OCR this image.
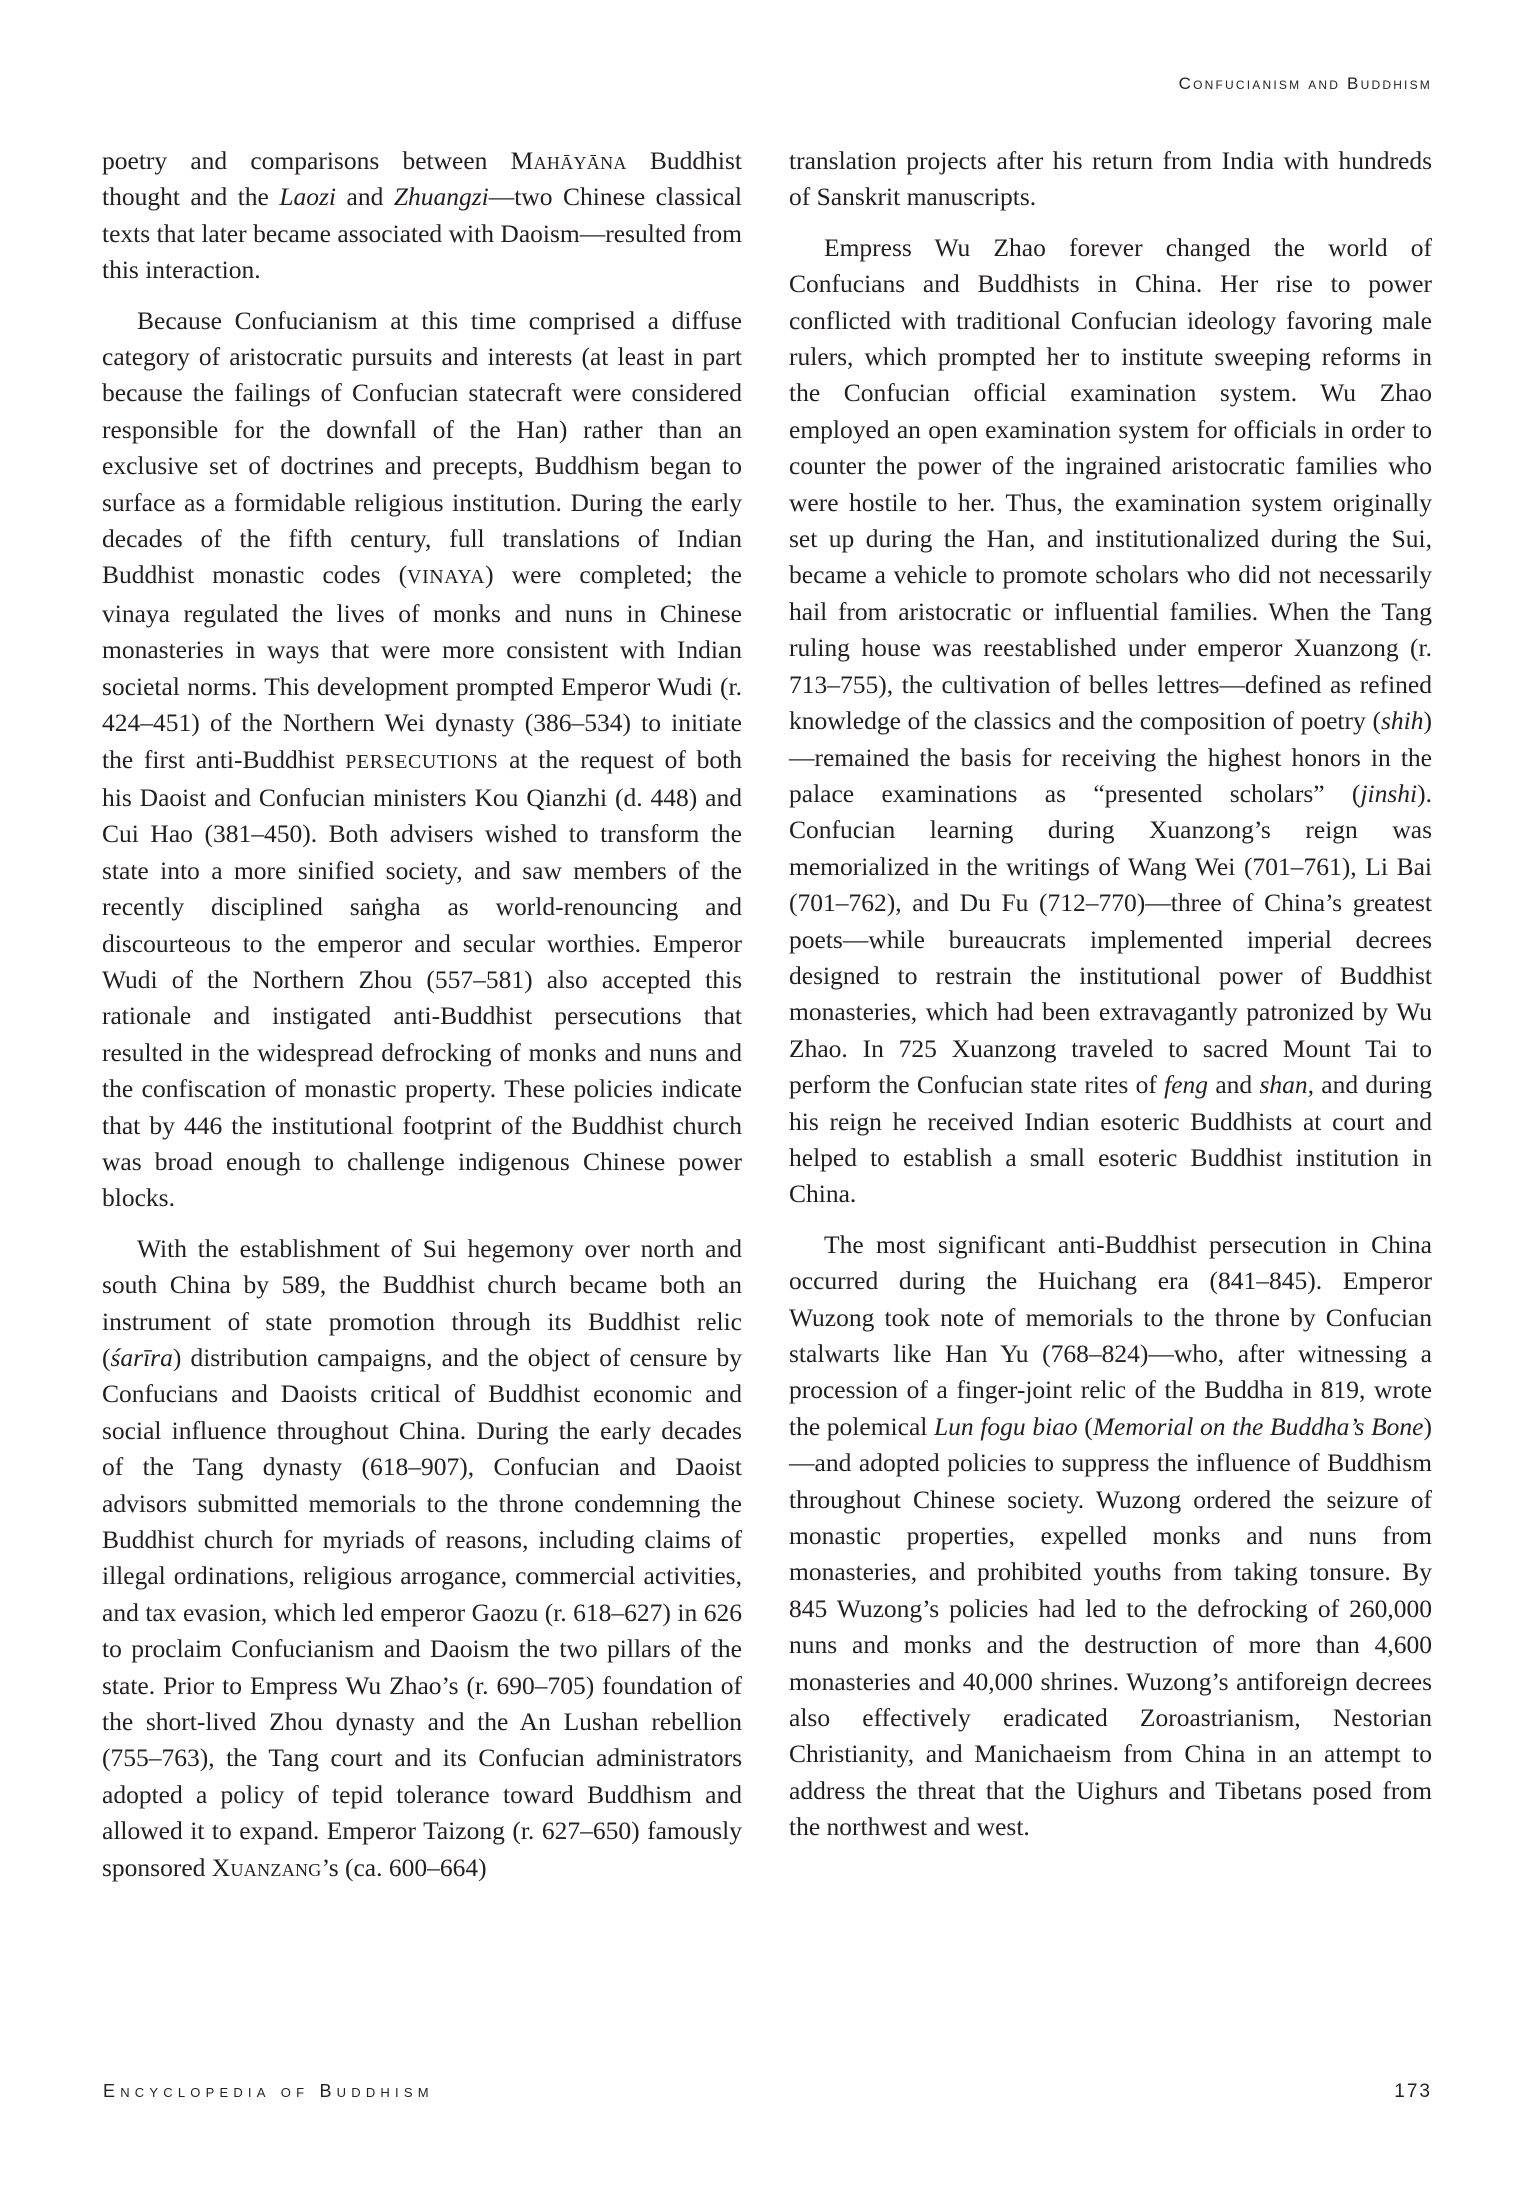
Confucianism and Buddhism

poetry and comparisons between Mahāyāna Buddhist thought and the Laozi and Zhuangzi—two Chinese classical texts that later became associated with Daoism—resulted from this interaction.

Because Confucianism at this time comprised a diffuse category of aristocratic pursuits and interests (at least in part because the failings of Confucian statecraft were considered responsible for the downfall of the Han) rather than an exclusive set of doctrines and precepts, Buddhism began to surface as a formidable religious institution. During the early decades of the fifth century, full translations of Indian Buddhist monastic codes (VINAYA) were completed; the vinaya regulated the lives of monks and nuns in Chinese monasteries in ways that were more consistent with Indian societal norms. This development prompted Emperor Wudi (r. 424–451) of the Northern Wei dynasty (386–534) to initiate the first anti-Buddhist PERSECUTIONS at the request of both his Daoist and Confucian ministers Kou Qianzhi (d. 448) and Cui Hao (381–450). Both advisers wished to transform the state into a more sinified society, and saw members of the recently disciplined saṅgha as world-renouncing and discourteous to the emperor and secular worthies. Emperor Wudi of the Northern Zhou (557–581) also accepted this rationale and instigated anti-Buddhist persecutions that resulted in the widespread defrocking of monks and nuns and the confiscation of monastic property. These policies indicate that by 446 the institutional footprint of the Buddhist church was broad enough to challenge indigenous Chinese power blocks.

With the establishment of Sui hegemony over north and south China by 589, the Buddhist church became both an instrument of state promotion through its Buddhist relic (śarīra) distribution campaigns, and the object of censure by Confucians and Daoists critical of Buddhist economic and social influence throughout China. During the early decades of the Tang dynasty (618–907), Confucian and Daoist advisors submitted memorials to the throne condemning the Buddhist church for myriads of reasons, including claims of illegal ordinations, religious arrogance, commercial activities, and tax evasion, which led emperor Gaozu (r. 618–627) in 626 to proclaim Confucianism and Daoism the two pillars of the state. Prior to Empress Wu Zhao’s (r. 690–705) foundation of the short-lived Zhou dynasty and the An Lushan rebellion (755–763), the Tang court and its Confucian administrators adopted a policy of tepid tolerance toward Buddhism and allowed it to expand. Emperor Taizong (r. 627–650) famously sponsored Xuanzang’s (ca. 600–664)

translation projects after his return from India with hundreds of Sanskrit manuscripts.

Empress Wu Zhao forever changed the world of Confucians and Buddhists in China. Her rise to power conflicted with traditional Confucian ideology favoring male rulers, which prompted her to institute sweeping reforms in the Confucian official examination system. Wu Zhao employed an open examination system for officials in order to counter the power of the ingrained aristocratic families who were hostile to her. Thus, the examination system originally set up during the Han, and institutionalized during the Sui, became a vehicle to promote scholars who did not necessarily hail from aristocratic or influential families. When the Tang ruling house was reestablished under emperor Xuanzong (r. 713–755), the cultivation of belles lettres—defined as refined knowledge of the classics and the composition of poetry (shih)—remained the basis for receiving the highest honors in the palace examinations as “presented scholars” (jinshi). Confucian learning during Xuanzong’s reign was memorialized in the writings of Wang Wei (701–761), Li Bai (701–762), and Du Fu (712–770)—three of China’s greatest poets—while bureaucrats implemented imperial decrees designed to restrain the institutional power of Buddhist monasteries, which had been extravagantly patronized by Wu Zhao. In 725 Xuanzong traveled to sacred Mount Tai to perform the Confucian state rites of feng and shan, and during his reign he received Indian esoteric Buddhists at court and helped to establish a small esoteric Buddhist institution in China.

The most significant anti-Buddhist persecution in China occurred during the Huichang era (841–845). Emperor Wuzong took note of memorials to the throne by Confucian stalwarts like Han Yu (768–824)—who, after witnessing a procession of a finger-joint relic of the Buddha in 819, wrote the polemical Lun fogu biao (Memorial on the Buddha’s Bone)—and adopted policies to suppress the influence of Buddhism throughout Chinese society. Wuzong ordered the seizure of monastic properties, expelled monks and nuns from monasteries, and prohibited youths from taking tonsure. By 845 Wuzong’s policies had led to the defrocking of 260,000 nuns and monks and the destruction of more than 4,600 monasteries and 40,000 shrines. Wuzong’s antiforeign decrees also effectively eradicated Zoroastrianism, Nestorian Christianity, and Manichaeism from China in an attempt to address the threat that the Uighurs and Tibetans posed from the northwest and west.

Encyclopedia of Buddhism	173
